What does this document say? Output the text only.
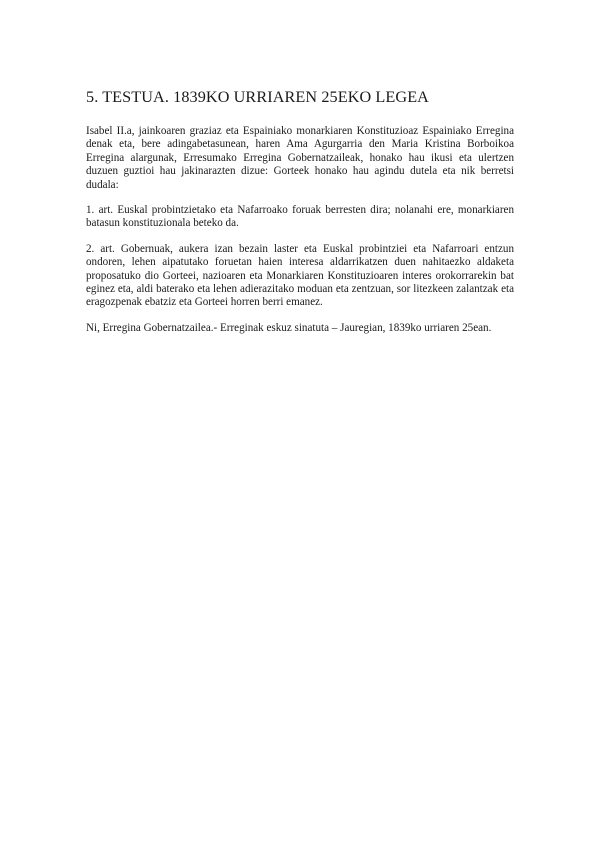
5. TESTUA. 1839KO URRIAREN 25EKO LEGEA

Isabel II.a, jainkoaren graziaz eta Espainiako monarkiaren Konstituzioaz Espainiako Erregina denak eta, bere adingabetasunean, haren Ama Agurgarria den Maria Kristina Borboikoa Erregina alargunak, Erresumako Erregina Gobernatzaileak, honako hau ikusi eta ulertzen duzuen guztioi hau jakinarazten dizue: Gorteek honako hau agindu dutela eta nik berretsi dudala:

1. art. Euskal probintzietako eta Nafarroako foruak berresten dira; nolanahi ere, monarkiaren batasun konstituzionala beteko da.

2. art. Gobernuak, aukera izan bezain laster eta Euskal probintziei eta Nafarroari entzun ondoren, lehen aipatutako foruetan haien interesa aldarrikatzen duen nahitaezko aldaketa proposatuko dio Gorteei, nazioaren eta Monarkiaren Konstituzioaren interes orokorrarekin bat eginez eta, aldi baterako eta lehen adierazitako moduan eta zentzuan, sor litezkeen zalantzak eta eragozpenak ebatziz eta Gorteei horren berri emanez.

Ni, Erregina Gobernatzailea.- Erreginak eskuz sinatuta – Jauregian, 1839ko urriaren 25ean.
